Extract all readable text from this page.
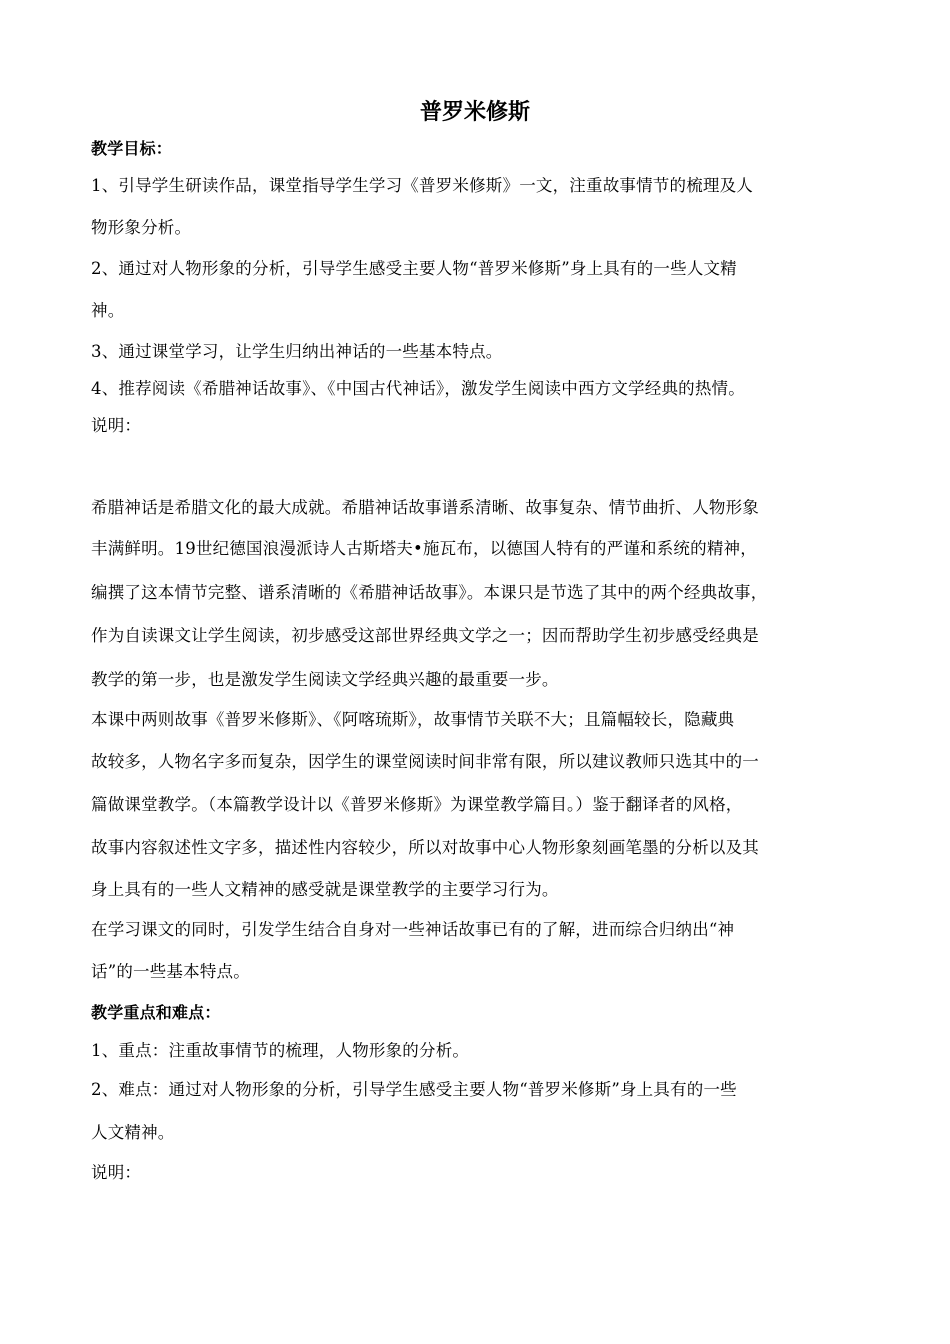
普罗米修斯
教学目标：
1、引导学生研读作品，课堂指导学生学习《普罗米修斯》一文，注重故事情节的梳理及人
物形象分析。
2、通过对人物形象的分析，引导学生感受主要人物“普罗米修斯”身上具有的一些人文精
神。
3、通过课堂学习，让学生归纳出神话的一些基本特点。
4、推荐阅读《希腊神话故事》、《中国古代神话》，激发学生阅读中西方文学经典的热情。
说明：
希腊神话是希腊文化的最大成就。希腊神话故事谱系清晰、故事复杂、情节曲折、人物形象
丰满鲜明。19世纪德国浪漫派诗人古斯塔夫•施瓦布，以德国人特有的严谨和系统的精神，
编撰了这本情节完整、谱系清晰的《希腊神话故事》。本课只是节选了其中的两个经典故事，
作为自读课文让学生阅读，初步感受这部世界经典文学之一；因而帮助学生初步感受经典是
教学的第一步，也是激发学生阅读文学经典兴趣的最重要一步。
本课中两则故事《普罗米修斯》、《阿喀琉斯》，故事情节关联不大；且篇幅较长，隐藏典
故较多，人物名字多而复杂，因学生的课堂阅读时间非常有限，所以建议教师只选其中的一
篇做课堂教学。（本篇教学设计以《普罗米修斯》为课堂教学篇目。）鉴于翻译者的风格，
故事内容叙述性文字多，描述性内容较少，所以对故事中心人物形象刻画笔墨的分析以及其
身上具有的一些人文精神的感受就是课堂教学的主要学习行为。
在学习课文的同时，引发学生结合自身对一些神话故事已有的了解，进而综合归纳出“神
话”的一些基本特点。
教学重点和难点：
1、重点：注重故事情节的梳理，人物形象的分析。
2、难点：通过对人物形象的分析，引导学生感受主要人物“普罗米修斯”身上具有的一些
人文精神。
说明：
